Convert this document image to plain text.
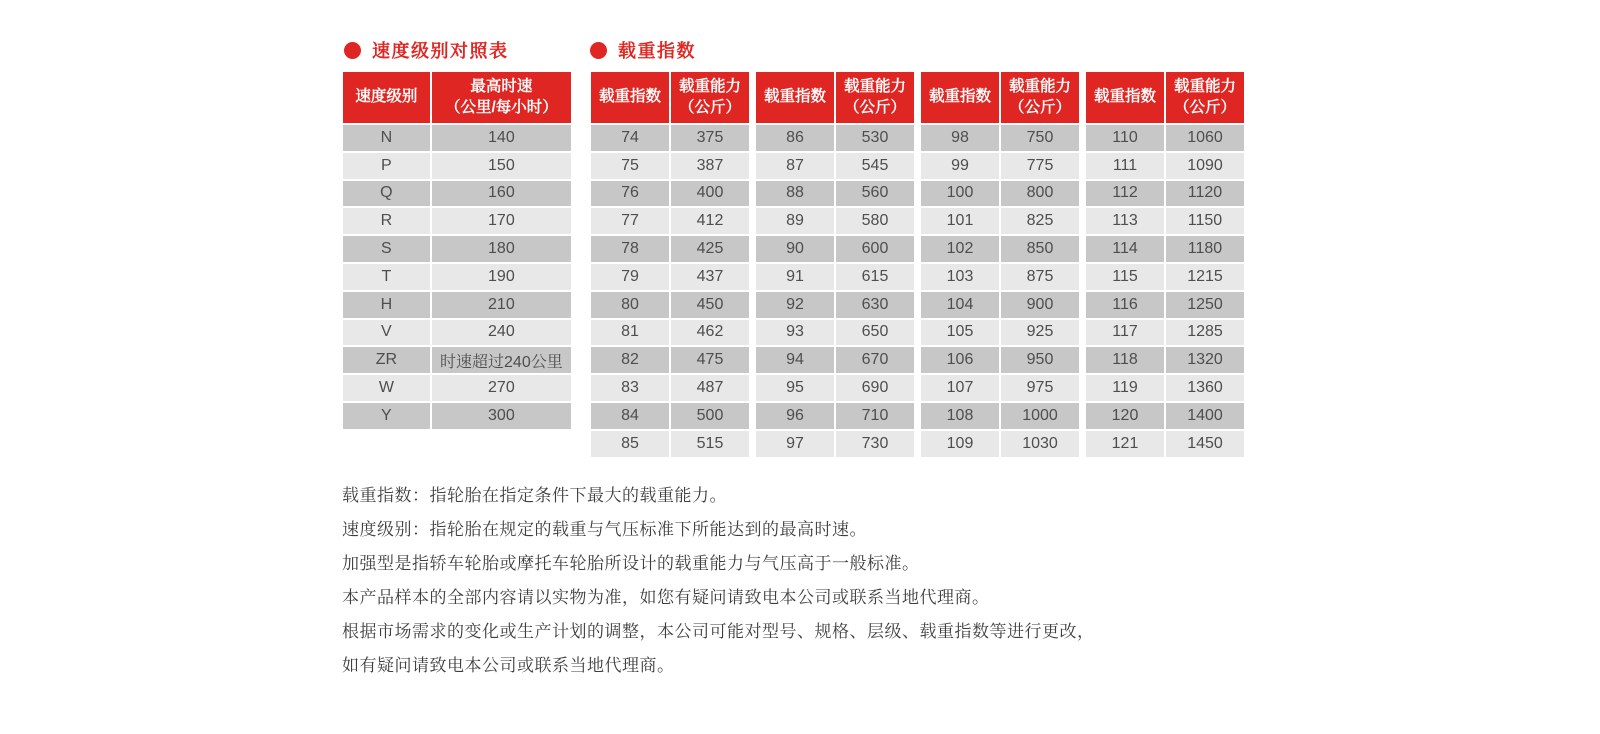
速度级别对照表	载重指数
速度级别	最高时速
（公里/每小时）

N	140
P	150
Q	160
R	170
S	180
T	190
H	210
V	240
ZR	时速超过240公里
W	270
Y	300
载重指数	载重能力
（公斤）

74	375
75	387
76	400
77	412
78	425
79	437
80	450
81	462
82	475
83	487
84	500
85	515
载重指数	载重能力
（公斤）

86	530
87	545
88	560
89	580
90	600
91	615
92	630
93	650
94	670
95	690
96	710
97	730
载重指数	载重能力
（公斤）

98	750
99	775
100	800
101	825
102	850
103	875
104	900
105	925
106	950
107	975
108	1000
109	1030
载重指数	载重能力
（公斤）

110	1060
111	1090
112	1120
113	1150
114	1180
115	1215
116	1250
117	1285
118	1320
119	1360
120	1400
121	1450
载重指数：指轮胎在指定条件下最大的载重能力。
速度级别：指轮胎在规定的载重与气压标准下所能达到的最高时速。
加强型是指轿车轮胎或摩托车轮胎所设计的载重能力与气压高于一般标准。
本产品样本的全部内容请以实物为准，如您有疑问请致电本公司或联系当地代理商。
根据市场需求的变化或生产计划的调整，本公司可能对型号、规格、层级、载重指数等进行更改，
如有疑问请致电本公司或联系当地代理商。
